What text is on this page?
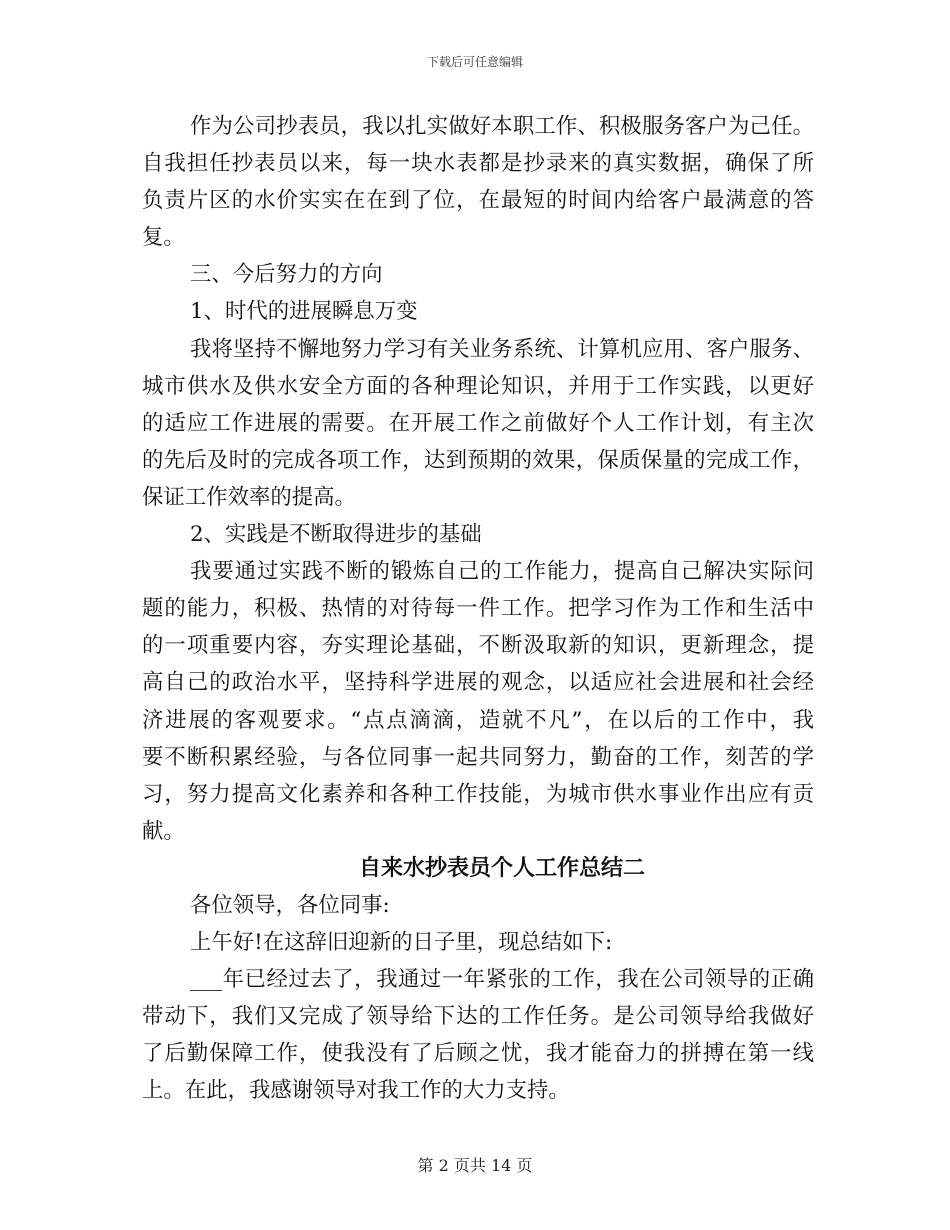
下载后可任意编辑
作为公司抄表员，我以扎实做好本职工作、积极服务客户为己任。
自我担任抄表员以来，每一块水表都是抄录来的真实数据，确保了所
负责片区的水价实实在在到了位，在最短的时间内给客户最满意的答
复。
三、今后努力的方向
1、时代的进展瞬息万变
我将坚持不懈地努力学习有关业务系统、计算机应用、客户服务、
城市供水及供水安全方面的各种理论知识，并用于工作实践，以更好
的适应工作进展的需要。在开展工作之前做好个人工作计划，有主次
的先后及时的完成各项工作，达到预期的效果，保质保量的完成工作，
保证工作效率的提高。
2、实践是不断取得进步的基础
我要通过实践不断的锻炼自己的工作能力，提高自己解决实际问
题的能力，积极、热情的对待每一件工作。把学习作为工作和生活中
的一项重要内容，夯实理论基础，不断汲取新的知识，更新理念，提
高自己的政治水平，坚持科学进展的观念，以适应社会进展和社会经
济进展的客观要求。“点点滴滴，造就不凡”，在以后的工作中，我
要不断积累经验，与各位同事一起共同努力，勤奋的工作，刻苦的学
习，努力提高文化素养和各种工作技能，为城市供水事业作出应有贡
献。
自来水抄表员个人工作总结二
各位领导，各位同事:
上午好!在这辞旧迎新的日子里，现总结如下:
___年已经过去了，我通过一年紧张的工作，我在公司领导的正确
带动下，我们又完成了领导给下达的工作任务。是公司领导给我做好
了后勤保障工作，使我没有了后顾之忧，我才能奋力的拼搏在第一线
上。在此，我感谢领导对我工作的大力支持。
第 2 页共 14 页
